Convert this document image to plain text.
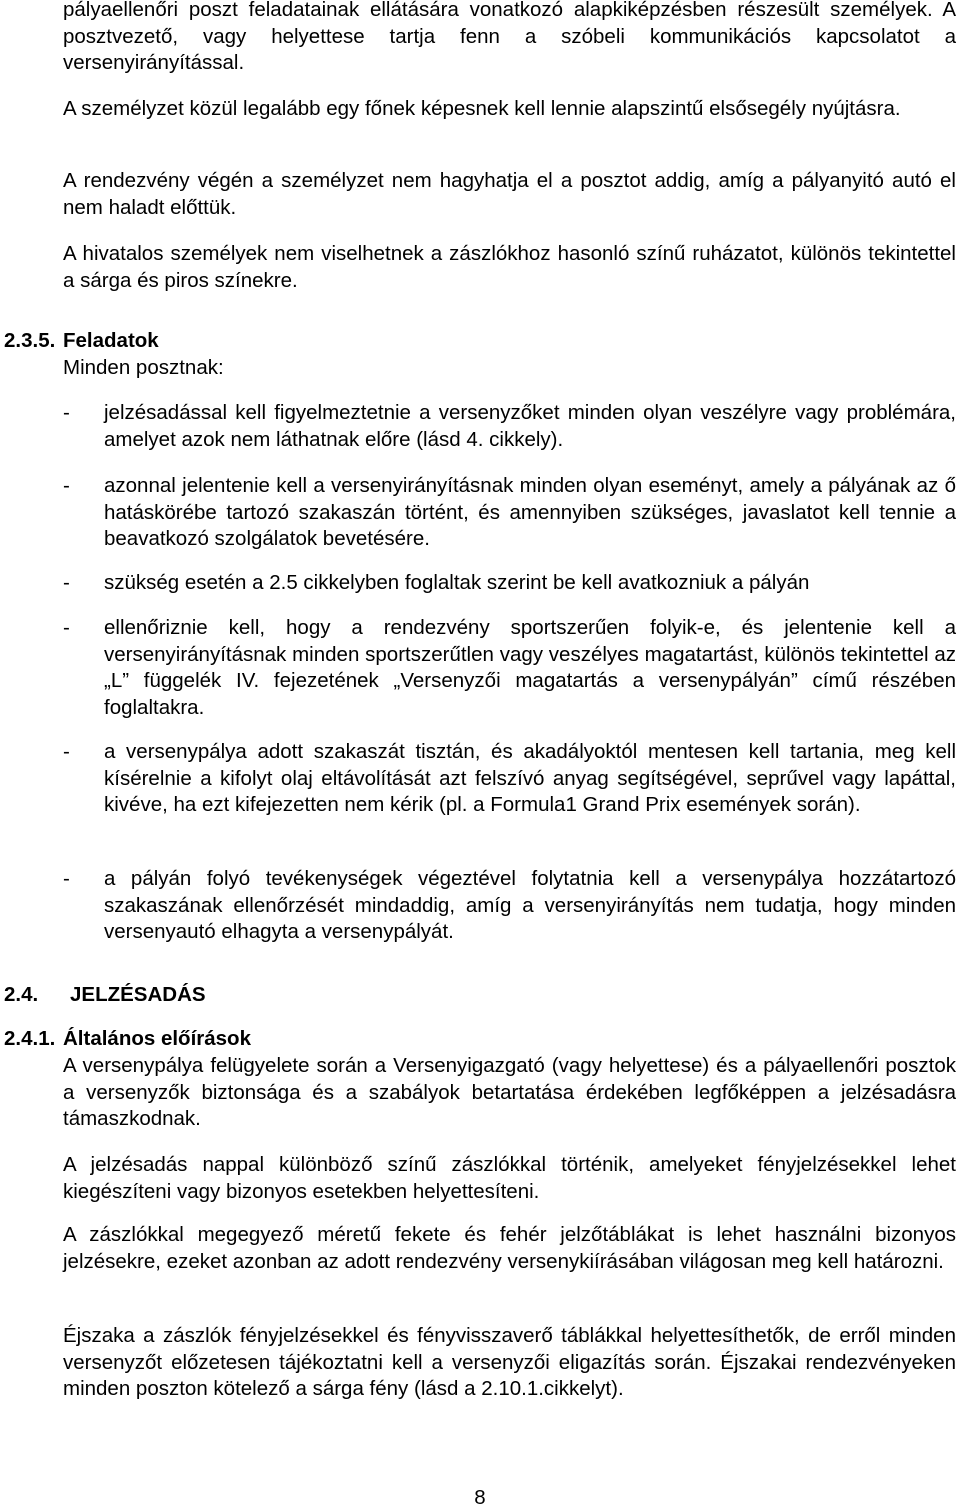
pályaellenőri poszt feladatainak ellátására vonatkozó alapkiképzésben részesült személyek. A posztvezető, vagy helyettese tartja fenn a szóbeli kommunikációs kapcsolatot a versenyirányítással.

A személyzet közül legalább egy főnek képesnek kell lennie alapszintű elsősegély nyújtásra.

A rendezvény végén a személyzet nem hagyhatja el a posztot addig, amíg a pályanyitó autó el nem haladt előttük.

A hivatalos személyek nem viselhetnek a zászlókhoz hasonló színű ruházatot, különös tekintettel a sárga és piros színekre.

2.3.5. Feladatok

Minden posztnak:

-	jelzésadással kell figyelmeztetnie a versenyzőket minden olyan veszélyre vagy problémára, amelyet azok nem láthatnak előre (lásd 4. cikkely).
-	azonnal jelentenie kell a versenyirányításnak minden olyan eseményt, amely a pályának az ő hatáskörébe tartozó szakaszán történt, és amennyiben szükséges, javaslatot kell tennie a beavatkozó szolgálatok bevetésére.
-	szükség esetén a 2.5 cikkelyben foglaltak szerint be kell avatkozniuk a pályán
-	ellenőriznie kell, hogy a rendezvény sportszerűen folyik-e, és jelentenie kell a versenyirányításnak minden sportszerűtlen vagy veszélyes magatartást, különös tekintettel az „L” függelék IV. fejezetének „Versenyzői magatartás a versenypályán” című részében foglaltakra.
-	a versenypálya adott szakaszát tisztán, és akadályoktól mentesen kell tartania, meg kell kísérelnie a kifolyt olaj eltávolítását azt felszívó anyag segítségével, seprűvel vagy lapáttal, kivéve, ha ezt kifejezetten nem kérik (pl. a Formula1 Grand Prix események során).
-	a pályán folyó tevékenységek végeztével folytatnia kell a versenypálya hozzátartozó szakaszának ellenőrzését mindaddig, amíg a versenyirányítás nem tudatja, hogy minden versenyautó elhagyta a versenypályát.
2.4. JELZÉSADÁS
2.4.1. Általános előírások

A versenypálya felügyelete során a Versenyigazgató (vagy helyettese) és a pályaellenőri posztok a versenyzők biztonsága és a szabályok betartatása érdekében legfőképpen a jelzésadásra támaszkodnak.

A jelzésadás nappal különböző színű zászlókkal történik, amelyeket fényjelzésekkel lehet kiegészíteni vagy bizonyos esetekben helyettesíteni.

A zászlókkal megegyező méretű fekete és fehér jelzőtáblákat is lehet használni bizonyos jelzésekre, ezeket azonban az adott rendezvény versenykiírásában világosan meg kell határozni.

Éjszaka a zászlók fényjelzésekkel és fényvisszaverő táblákkal helyettesíthetők, de erről minden versenyzőt előzetesen tájékoztatni kell a versenyzői eligazítás során. Éjszakai rendezvényeken minden poszton kötelező a sárga fény (lásd a 2.10.1.cikkelyt).

8
